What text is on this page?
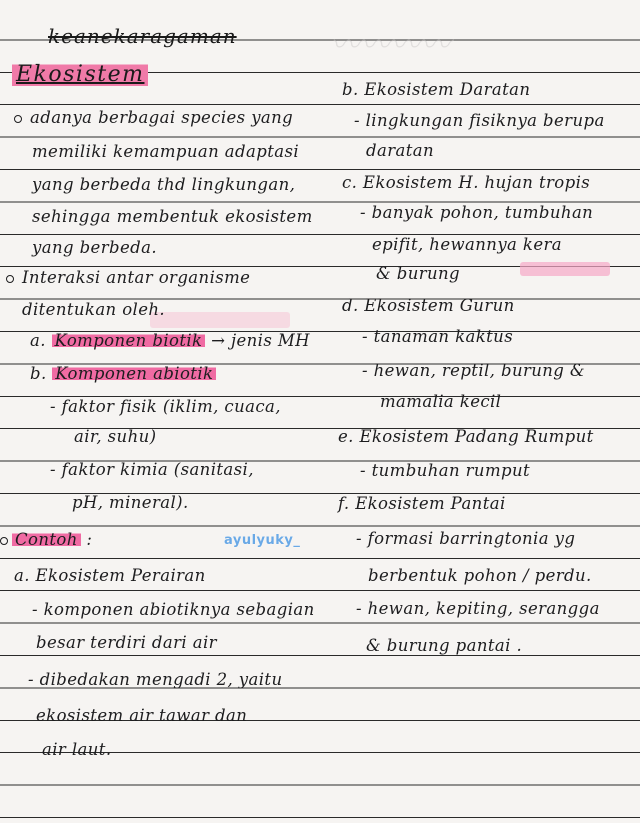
〰〰〰〰
keanekaragaman
Ekosistem
adanya berbagai species yang
memiliki kemampuan adaptasi
yang berbeda thd lingkungan,
sehingga membentuk ekosistem
yang berbeda.
Interaksi antar organisme
ditentukan oleh.
a. Komponen biotik → jenis MH
b. Komponen abiotik
- faktor fisik (iklim, cuaca,
air, suhu)
- faktor kimia (sanitasi,
pH, mineral).
Contoh :
a. Ekosistem Perairan
- komponen abiotiknya sebagian
besar terdiri dari air
- dibedakan mengadi 2, yaitu
ekosistem air tawar dan
air laut.
b. Ekosistem Daratan
- lingkungan fisiknya berupa
daratan
c. Ekosistem H. hujan tropis
- banyak pohon, tumbuhan
epifit, hewannya kera
& burung
d. Ekosistem Gurun
- tanaman kaktus
- hewan, reptil, burung &
mamalia kecil
e. Ekosistem Padang Rumput
- tumbuhan rumput
f. Ekosistem Pantai
- formasi barringtonia yg
berbentuk pohon / perdu.
- hewan, kepiting, serangga
& burung pantai .
ayulyuky_
